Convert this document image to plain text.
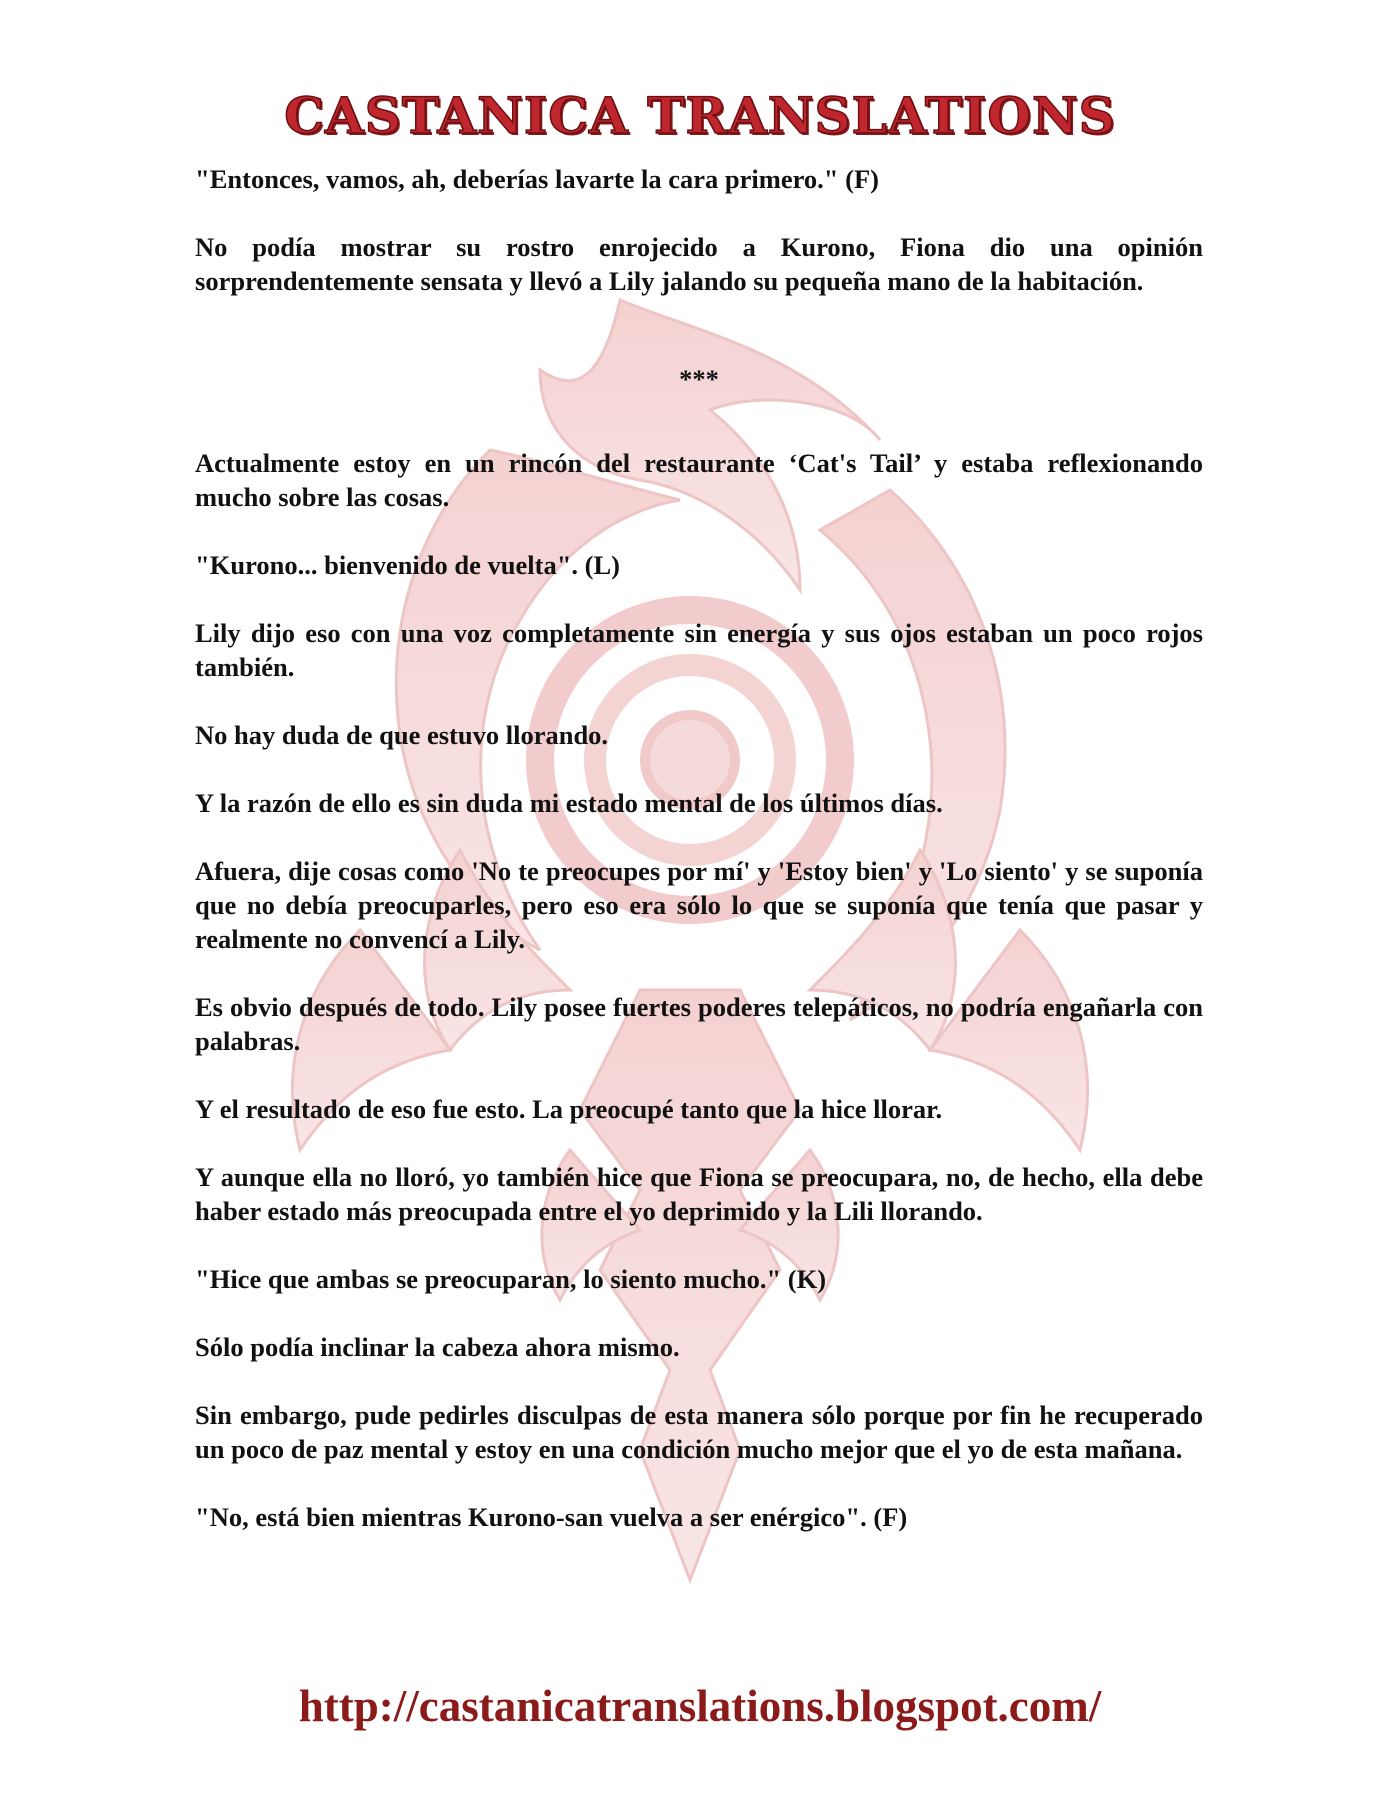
CASTANICA TRANSLATIONS

"Entonces, vamos, ah, deberías lavarte la cara primero." (F)

No podía mostrar su rostro enrojecido a Kurono, Fiona dio una opinión sorprendentemente sensata y llevó a Lily jalando su pequeña mano de la habitación.

***

Actualmente estoy en un rincón del restaurante ‘Cat's Tail’ y estaba reflexionando mucho sobre las cosas.

"Kurono... bienvenido de vuelta". (L)

Lily dijo eso con una voz completamente sin energía y sus ojos estaban un poco rojos también.

No hay duda de que estuvo llorando.

Y la razón de ello es sin duda mi estado mental de los últimos días.

Afuera, dije cosas como 'No te preocupes por mí' y 'Estoy bien' y 'Lo siento' y se suponía que no debía preocuparles, pero eso era sólo lo que se suponía que tenía que pasar y realmente no convencí a Lily.

Es obvio después de todo. Lily posee fuertes poderes telepáticos, no podría engañarla con palabras.

Y el resultado de eso fue esto. La preocupé tanto que la hice llorar.

Y aunque ella no lloró, yo también hice que Fiona se preocupara, no, de hecho, ella debe haber estado más preocupada entre el yo deprimido y la Lili llorando.

"Hice que ambas se preocuparan, lo siento mucho." (K)

Sólo podía inclinar la cabeza ahora mismo.

Sin embargo, pude pedirles disculpas de esta manera sólo porque por fin he recuperado un poco de paz mental y estoy en una condición mucho mejor que el yo de esta mañana.

"No, está bien mientras Kurono-san vuelva a ser enérgico". (F)

http://castanicatranslations.blogspot.com/
